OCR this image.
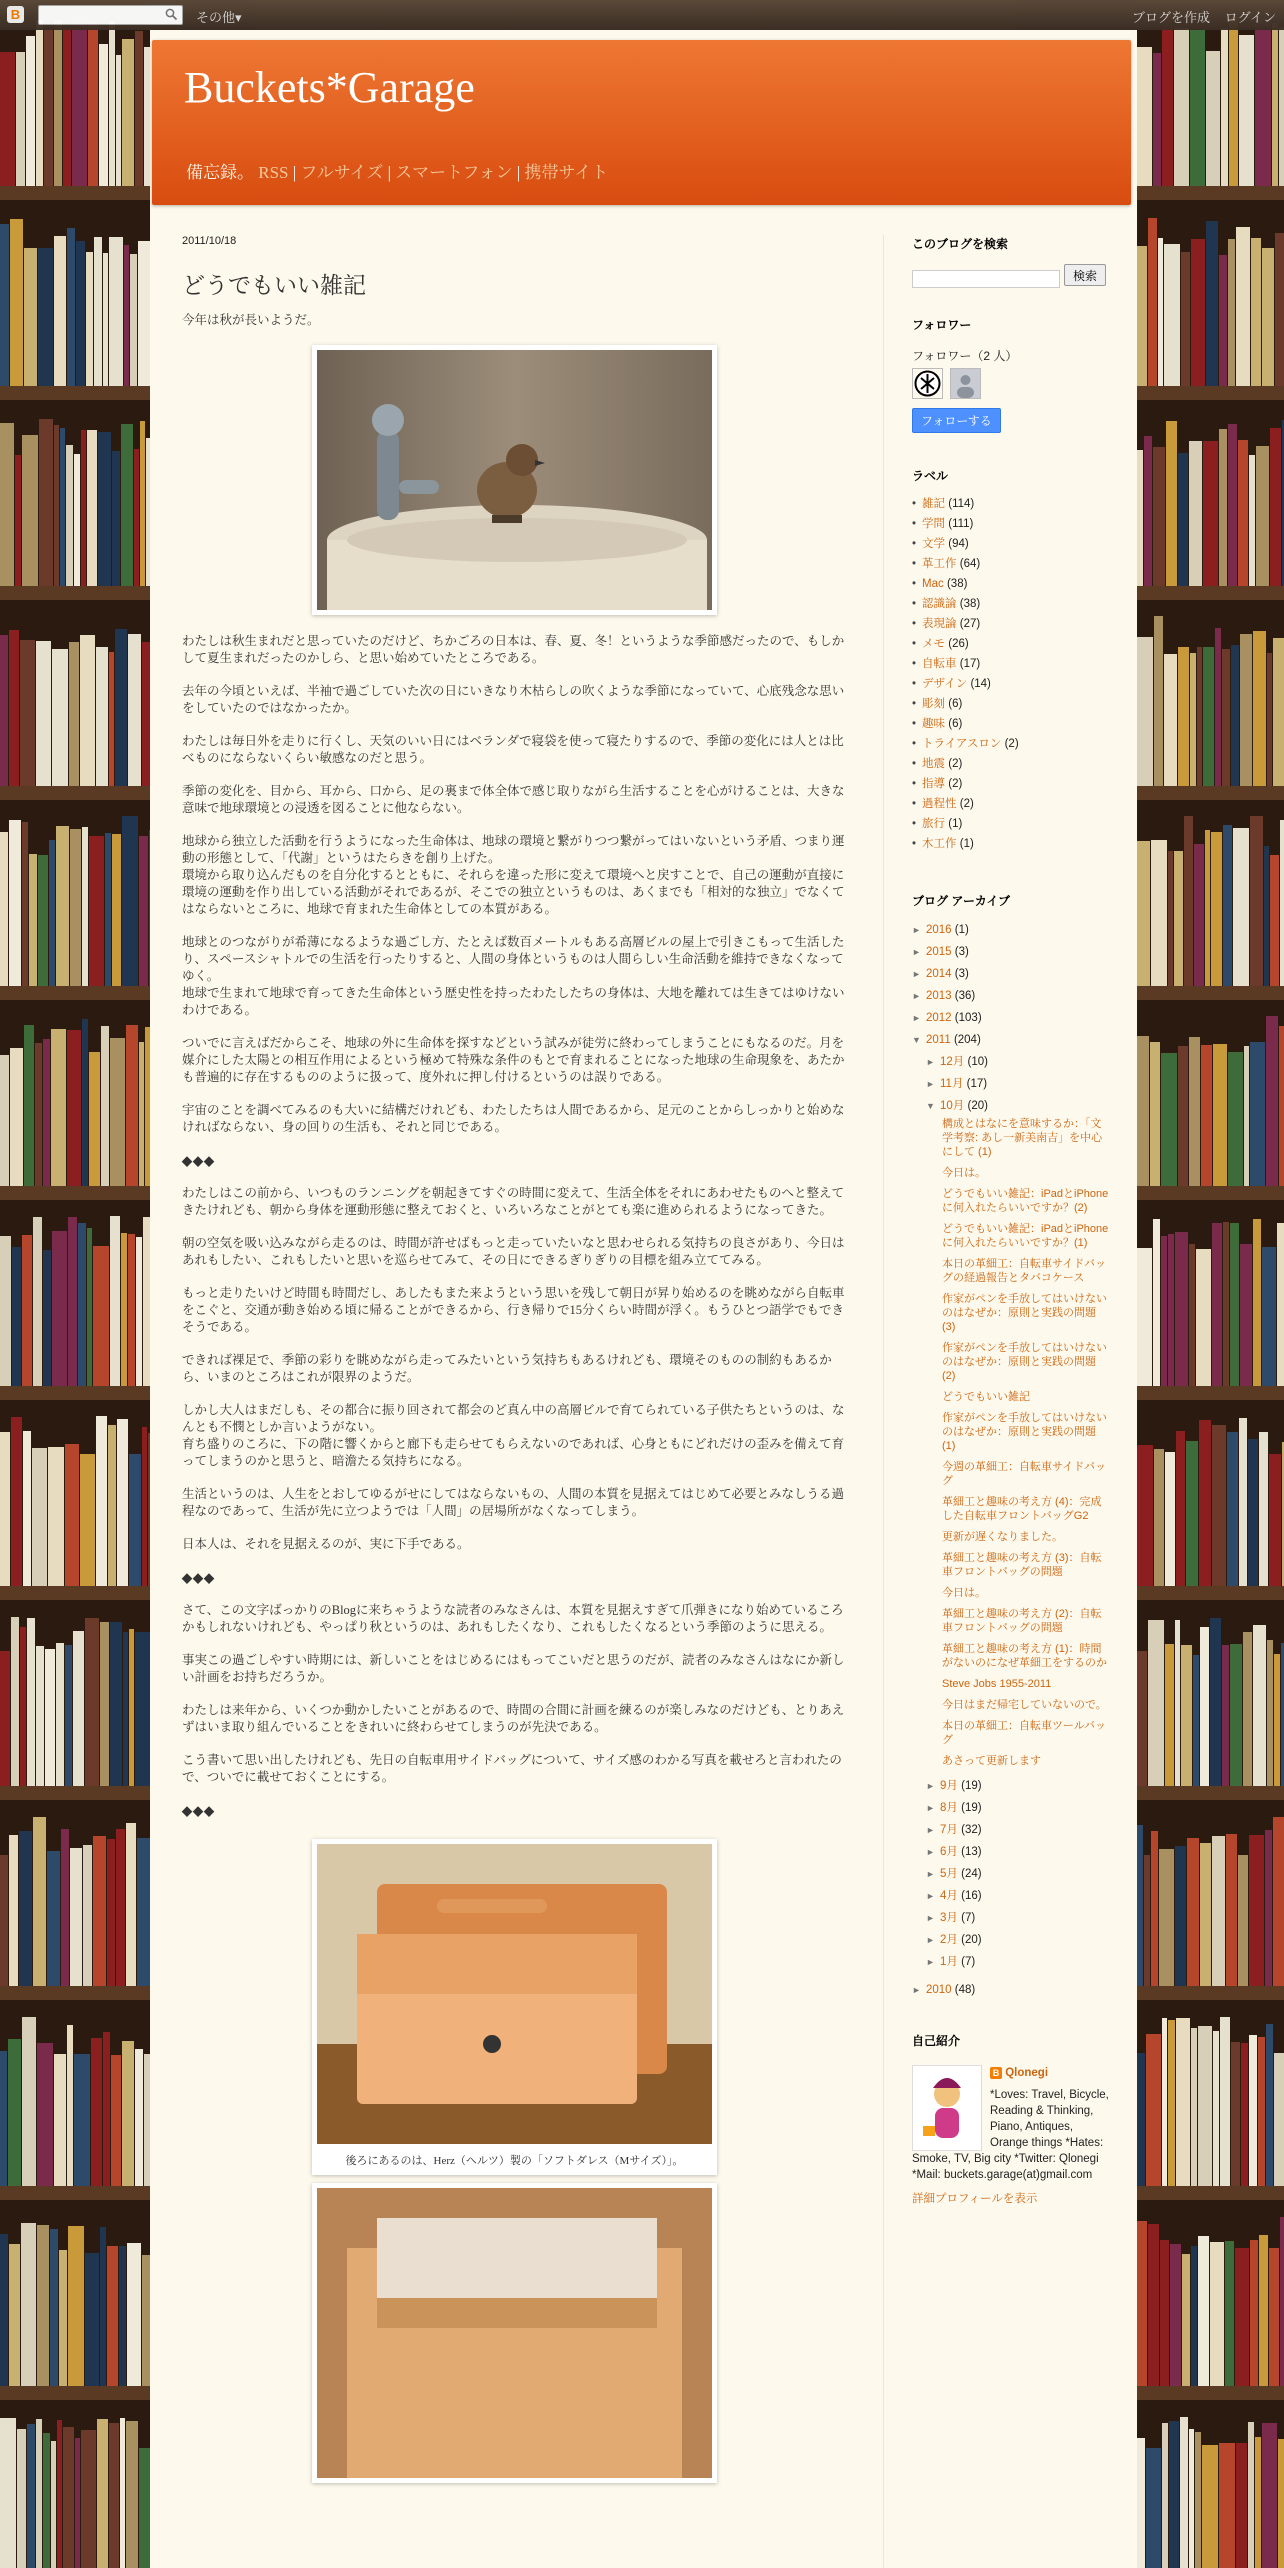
B	その他▾	ブログを作成 ログイン
Buckets*Garage
備忘録。 RSS | フルサイズ | スマートフォン | 携帯サイト
2011/10/18
どうでもいい雑記

今年は秋が長いようだ。

わたしは秋生まれだと思っていたのだけど、ちかごろの日本は、春、夏、冬！というような季節感だったので、もしかして夏生まれだったのかしら、と思い始めていたところである。

去年の今頃といえば、半袖で過ごしていた次の日にいきなり木枯らしの吹くような季節になっていて、心底残念な思いをしていたのではなかったか。

わたしは毎日外を走りに行くし、天気のいい日にはベランダで寝袋を使って寝たりするので、季節の変化には人とは比べものにならないくらい敏感なのだと思う。

季節の変化を、目から、耳から、口から、足の裏まで体全体で感じ取りながら生活することを心がけることは、大きな意味で地球環境との浸透を図ることに他ならない。

地球から独立した活動を行うようになった生命体は、地球の環境と繋がりつつ繋がってはいないという矛盾、つまり運動の形態として、「代謝」というはたらきを創り上げた。
環境から取り込んだものを自分化するとともに、それらを違った形に変えて環境へと戻すことで、自己の運動が直接に環境の運動を作り出している活動がそれであるが、そこでの独立というものは、あくまでも「相対的な独立」でなくてはならないところに、地球で育まれた生命体としての本質がある。

地球とのつながりが希薄になるような過ごし方、たとえば数百メートルもある高層ビルの屋上で引きこもって生活したり、スペースシャトルでの生活を行ったりすると、人間の身体というものは人間らしい生命活動を維持できなくなってゆく。
地球で生まれて地球で育ってきた生命体という歴史性を持ったわたしたちの身体は、大地を離れては生きてはゆけないわけである。

ついでに言えばだからこそ、地球の外に生命体を探すなどという試みが徒労に終わってしまうことにもなるのだ。月を媒介にした太陽との相互作用によるという極めて特殊な条件のもとで育まれることになった地球の生命現象を、あたかも普遍的に存在するもののように扱って、度外れに押し付けるというのは誤りである。

宇宙のことを調べてみるのも大いに結構だけれども、わたしたちは人間であるから、足元のことからしっかりと始めなければならない、身の回りの生活も、それと同じである。

◆◆◆

わたしはこの前から、いつものランニングを朝起きてすぐの時間に変えて、生活全体をそれにあわせたものへと整えてきたけれども、朝から身体を運動形態に整えておくと、いろいろなことがとても楽に進められるようになってきた。

朝の空気を吸い込みながら走るのは、時間が許せばもっと走っていたいなと思わせられる気持ちの良さがあり、今日はあれもしたい、これもしたいと思いを巡らせてみて、その日にできるぎりぎりの目標を組み立ててみる。

もっと走りたいけど時間も時間だし、あしたもまた来ようという思いを残して朝日が昇り始めるのを眺めながら自転車をこぐと、交通が動き始める頃に帰ることができるから、行き帰りで15分くらい時間が浮く。もうひとつ語学でもできそうである。

できれば裸足で、季節の彩りを眺めながら走ってみたいという気持ちもあるけれども、環境そのものの制約もあるから、いまのところはこれが限界のようだ。

しかし大人はまだしも、その都合に振り回されて都会のど真ん中の高層ビルで育てられている子供たちというのは、なんとも不憫としか言いようがない。
育ち盛りのころに、下の階に響くからと廊下も走らせてもらえないのであれば、心身ともにどれだけの歪みを備えて育ってしまうのかと思うと、暗澹たる気持ちになる。

生活というのは、人生をとおしてゆるがせにしてはならないもの、人間の本質を見据えてはじめて必要とみなしうる過程なのであって、生活が先に立つようでは「人間」の居場所がなくなってしまう。

日本人は、それを見据えるのが、実に下手である。

◆◆◆

さて、この文字ばっかりのBlogに来ちゃうような読者のみなさんは、本質を見据えすぎて爪弾きになり始めているころかもしれないけれども、やっぱり秋というのは、あれもしたくなり、これもしたくなるという季節のように思える。

事実この過ごしやすい時期には、新しいことをはじめるにはもってこいだと思うのだが、読者のみなさんはなにか新しい計画をお持ちだろうか。

わたしは来年から、いくつか動かしたいことがあるので、時間の合間に計画を練るのが楽しみなのだけども、とりあえずはいま取り組んでいることをきれいに終わらせてしまうのが先決である。

こう書いて思い出したけれども、先日の自転車用サイドバッグについて、サイズ感のわかる写真を載せろと言われたので、ついでに載せておくことにする。

◆◆◆
後ろにあるのは、Herz（ヘルツ）製の「ソフトダレス（Mサイズ）」。
このブログを検索
検索
フォロワー
フォロワー（2 人）

フォローする
ラベル
• 雑記 (114)
• 学問 (111)
• 文学 (94)
• 革工作 (64)
• Mac (38)
• 認識論 (38)
• 表現論 (27)
• メモ (26)
• 自転車 (17)
• デザイン (14)
• 彫刻 (6)
• 趣味 (6)
• トライアスロン (2)
• 地震 (2)
• 指導 (2)
• 過程性 (2)
• 旅行 (1)
• 木工作 (1)
ブログ アーカイブ
► 2016 (1)
► 2015 (3)
► 2014 (3)
► 2013 (36)
► 2012 (103)
▼ 2011 (204)
► 12月 (10)
► 11月 (17)
▼ 10月 (20)
構成とはなにを意味するか：「文学考察: あし一新美南吉」を中心にして (1)
今日は。
どうでもいい雑記：iPadとiPhoneに何入れたらいいですか？(2)
どうでもいい雑記：iPadとiPhoneに何入れたらいいですか？(1)
本日の革細工：自転車サイドバッグの経過報告とタバコケース
作家がペンを手放してはいけないのはなぜか：原則と実践の問題 (3)
作家がペンを手放してはいけないのはなぜか：原則と実践の問題 (2)
どうでもいい雑記
作家がペンを手放してはいけないのはなぜか：原則と実践の問題 (1)
今週の革細工：自転車サイドバッグ
革細工と趣味の考え方 (4)：完成した自転車フロントバッグG2
更新が遅くなりました。
革細工と趣味の考え方 (3)：自転車フロントバッグの問題
今日は。
革細工と趣味の考え方 (2)：自転車フロントバッグの問題
革細工と趣味の考え方 (1)：時間がないのになぜ革細工をするのか
Steve Jobs 1955-2011
今日はまだ帰宅していないので。
本日の革細工：自転車ツールバッグ
あさって更新します
► 9月 (19)
► 8月 (19)
► 7月 (32)
► 6月 (13)
► 5月 (24)
► 4月 (16)
► 3月 (7)
► 2月 (20)
► 1月 (7)
► 2010 (48)
自己紹介
B Qlonegi
*Loves: Travel, Bicycle, Reading & Thinking, Piano, Antiques, Orange things *Hates: Smoke, TV, Big city *Twitter: Qlonegi *Mail: buckets.garage(at)gmail.com
詳細プロフィールを表示
